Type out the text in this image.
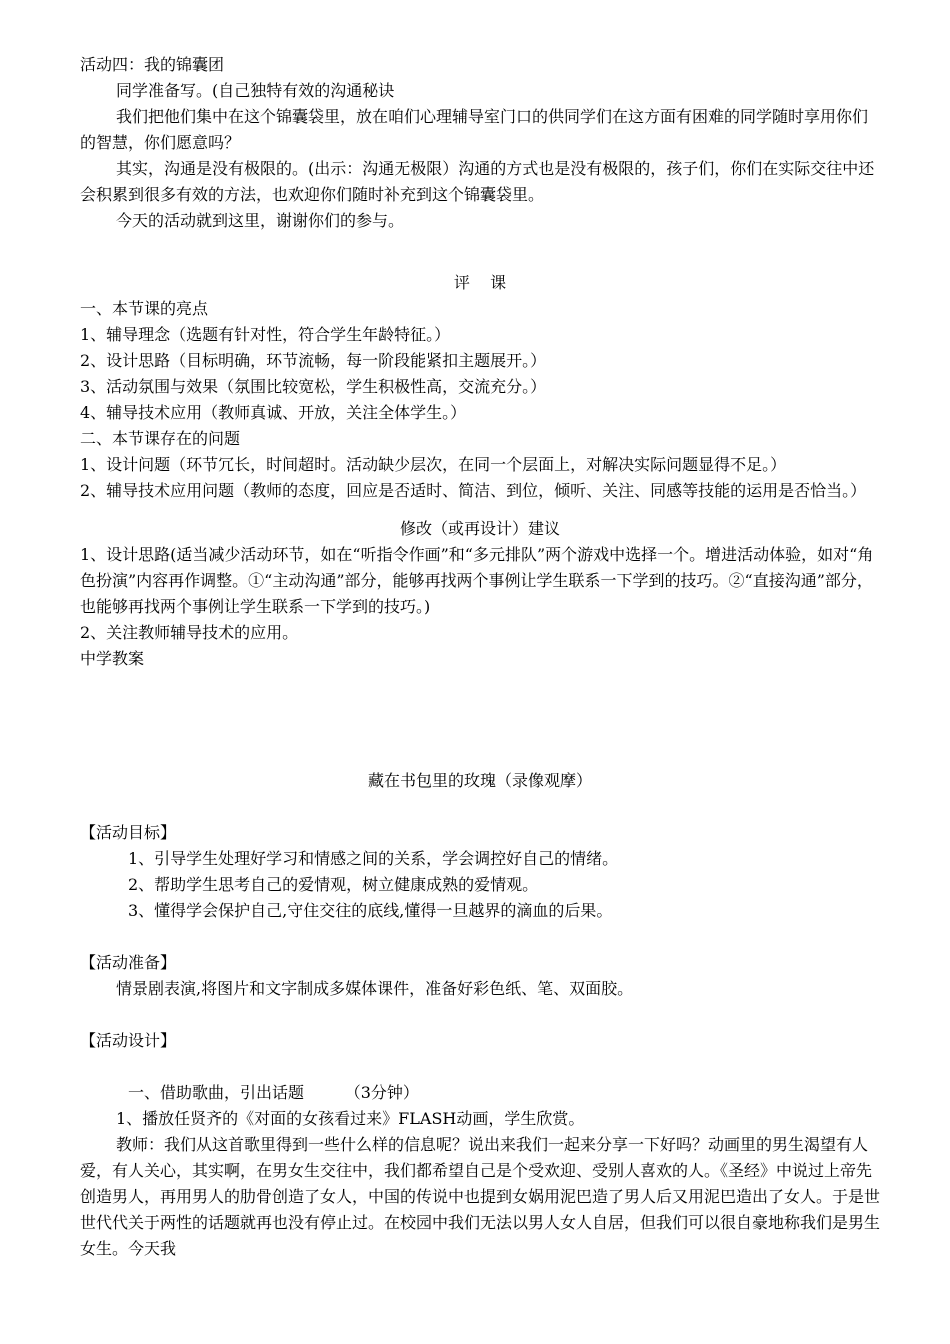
活动四：我的锦囊团
同学准备写。(自己独特有效的沟通秘诀
我们把他们集中在这个锦囊袋里，放在咱们心理辅导室门口的供同学们在这方面有困难的同学随时享用你们的智慧，你们愿意吗？
其实，沟通是没有极限的。(出示：沟通无极限）沟通的方式也是没有极限的，孩子们，你们在实际交往中还会积累到很多有效的方法，也欢迎你们随时补充到这个锦囊袋里。
今天的活动就到这里，谢谢你们的参与。
评    课
一、本节课的亮点
1、辅导理念（选题有针对性，符合学生年龄特征。）
2、设计思路（目标明确，环节流畅，每一阶段能紧扣主题展开。）
3、活动氛围与效果（氛围比较宽松，学生积极性高，交流充分。）
4、辅导技术应用（教师真诚、开放，关注全体学生。）
二、本节课存在的问题
1、设计问题（环节冗长，时间超时。活动缺少层次，在同一个层面上，对解决实际问题显得不足。）
2、辅导技术应用问题（教师的态度，回应是否适时、简洁、到位，倾听、关注、同感等技能的运用是否恰当。）
修改（或再设计）建议
1、设计思路(适当减少活动环节，如在“听指令作画”和“多元排队”两个游戏中选择一个。增进活动体验，如对“角色扮演”内容再作调整。①“主动沟通”部分，能够再找两个事例让学生联系一下学到的技巧。②“直接沟通”部分，也能够再找两个事例让学生联系一下学到的技巧。)
2、关注教师辅导技术的应用。
中学教案
藏在书包里的玫瑰（录像观摩）
【活动目标】
1、引导学生处理好学习和情感之间的关系，学会调控好自己的情绪。
2、帮助学生思考自己的爱情观，树立健康成熟的爱情观。
3、懂得学会保护自己,守住交往的底线,懂得一旦越界的滴血的后果。
【活动准备】
情景剧表演,将图片和文字制成多媒体课件，准备好彩色纸、笔、双面胶。
【活动设计】
一、借助歌曲，引出话题        （3分钟）
1、播放任贤齐的《对面的女孩看过来》FLASH动画，学生欣赏。
教师：我们从这首歌里得到一些什么样的信息呢？说出来我们一起来分享一下好吗？动画里的男生渴望有人爱，有人关心，其实啊，在男女生交往中，我们都希望自己是个受欢迎、受别人喜欢的人。《圣经》中说过上帝先创造男人，再用男人的肋骨创造了女人，中国的传说中也提到女娲用泥巴造了男人后又用泥巴造出了女人。于是世世代代关于两性的话题就再也没有停止过。在校园中我们无法以男人女人自居，但我们可以很自豪地称我们是男生女生。今天我
